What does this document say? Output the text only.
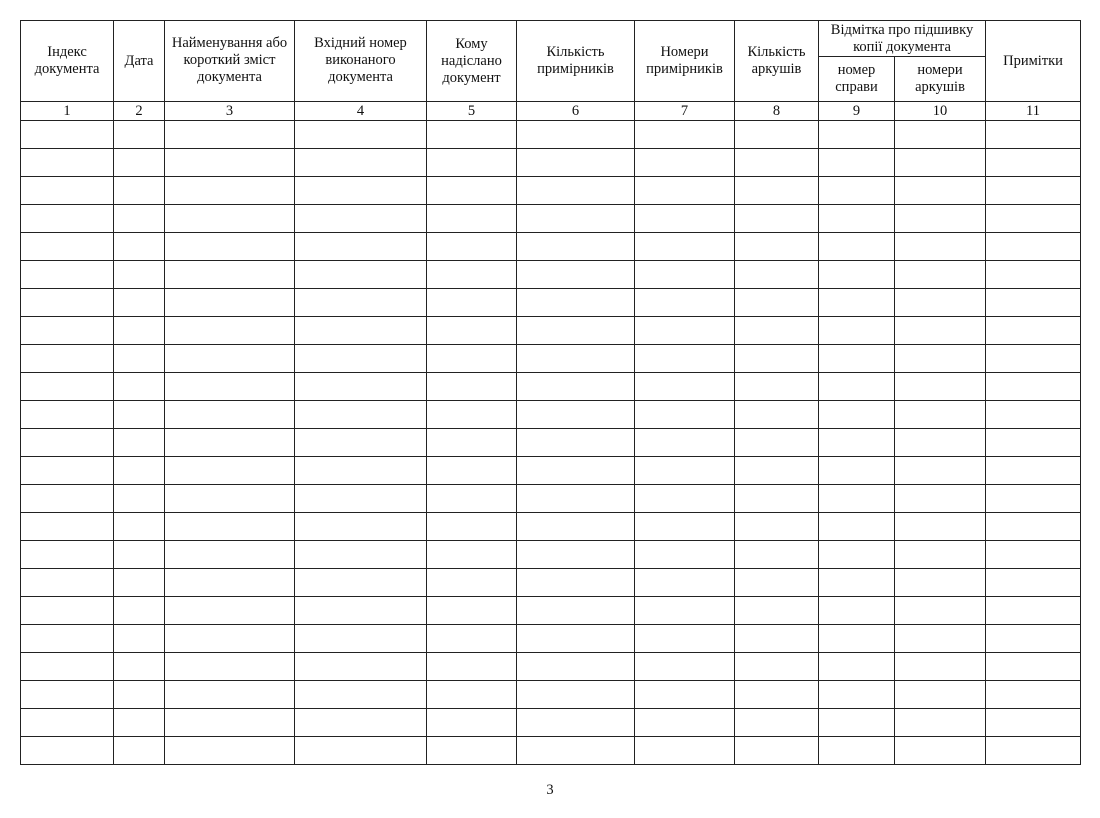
Індекс документа	Дата	Найменування або короткий зміст документа	Вхідний номер виконаного документа	Кому надіслано документ	Кількість примірників	Номери примірників	Кількість аркушів	Відмітка про підшивку копії документа		Примітки
								номер справи	номери аркушів	
1	2	3	4	5	6	7	8	9	10	11

3
